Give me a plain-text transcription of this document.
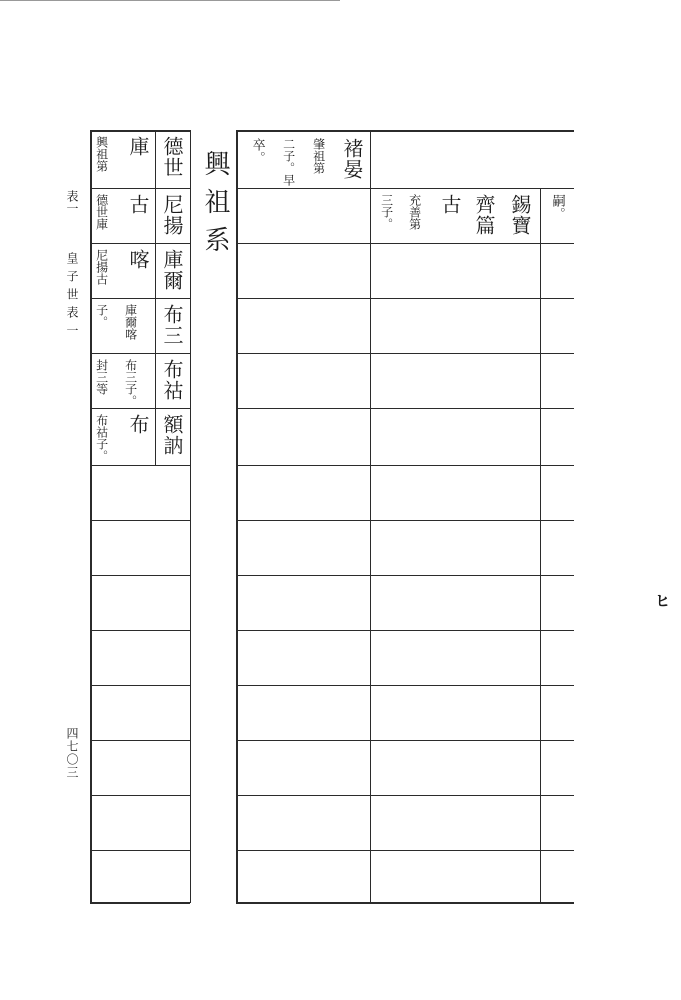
表一
皇子世表一
四七〇三
ヒ
興祖系
德世
興祖第
尼揚
德世庫
庫爾
尼揚古
布三
子。
布祜
封三等
額訥
布祜子。
庫
古
喀
庫爾喀
布三子。
布
褚晏
肇祖第
二子。早
卒。
錫寶
齊篇
古
充善第
三子。	嗣。
